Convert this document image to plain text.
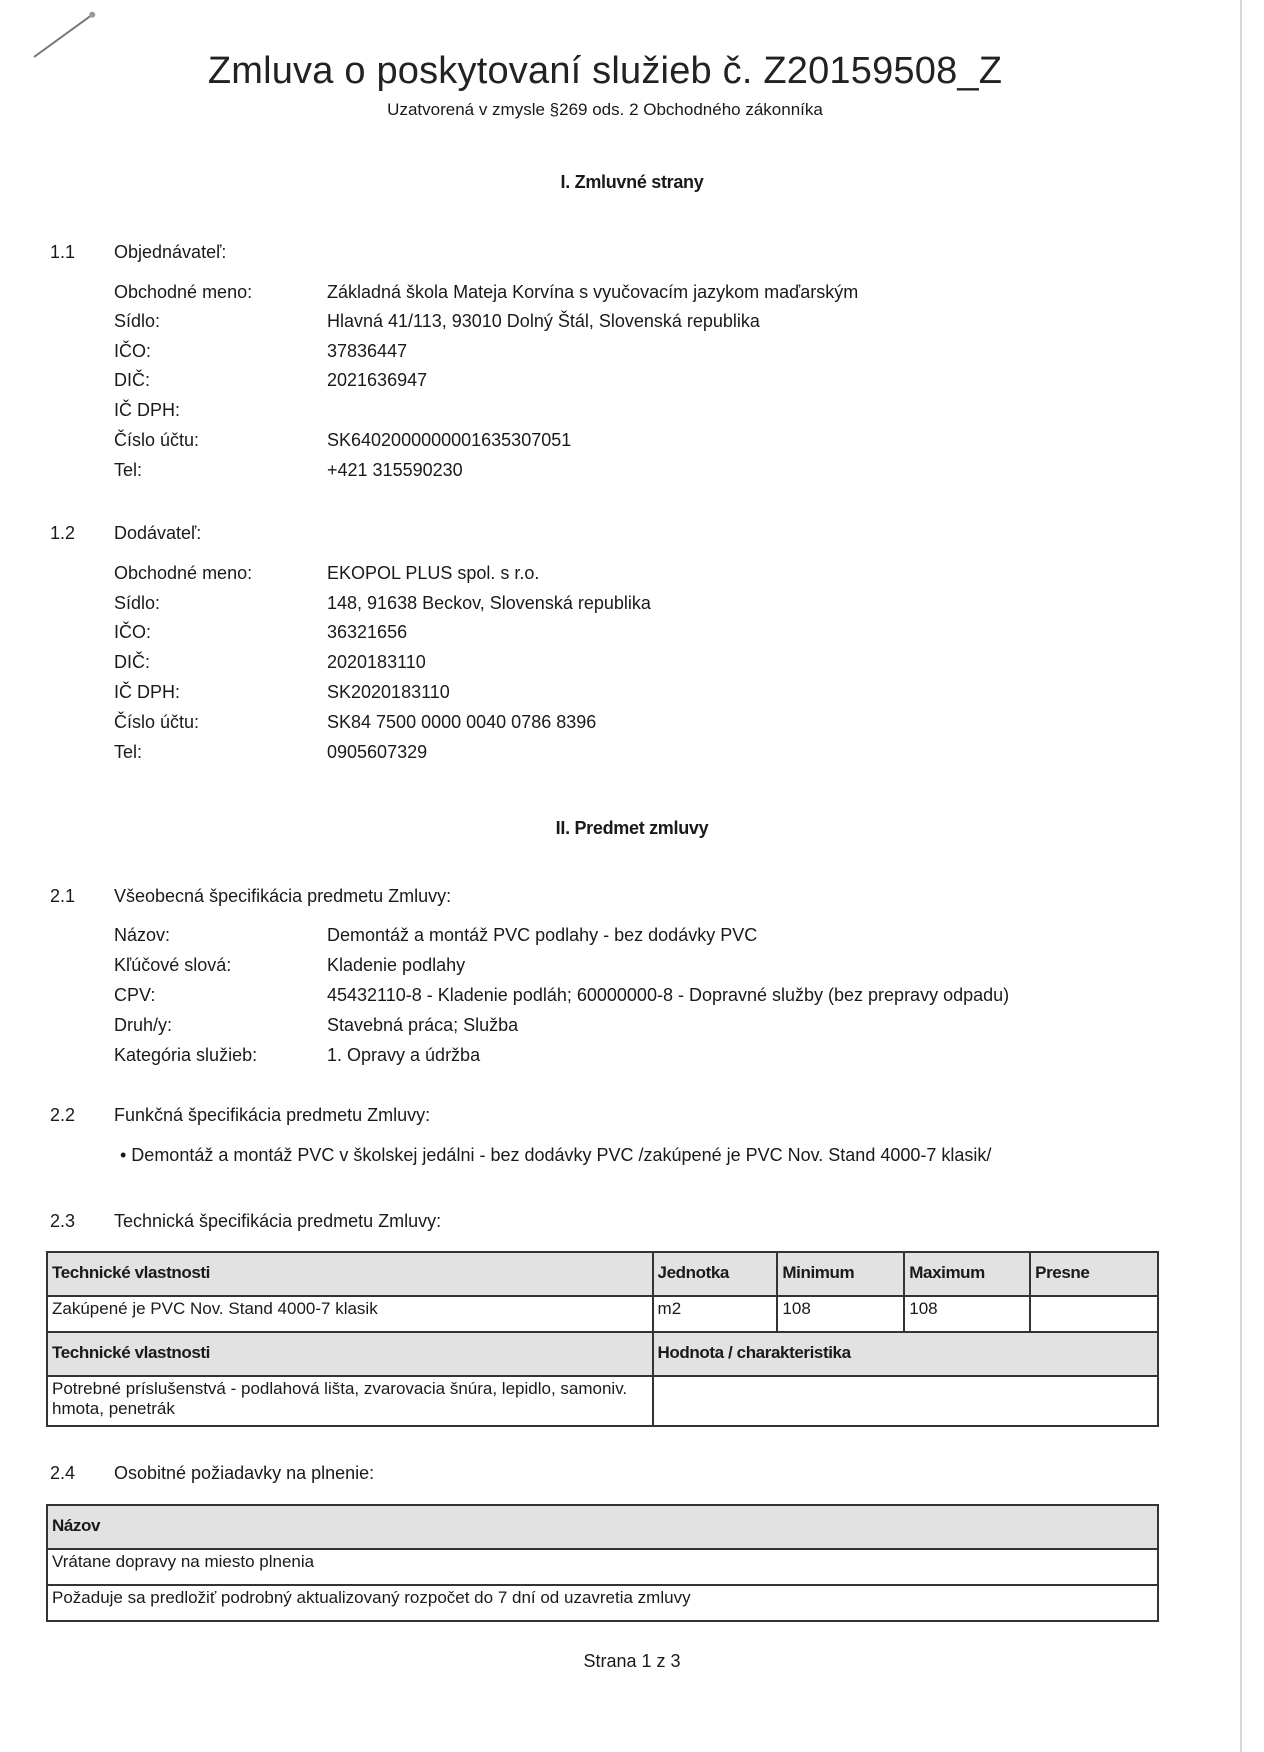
Zmluva o poskytovaní služieb č. Z20159508_Z
Uzatvorená v zmysle §269 ods. 2 Obchodného zákonníka
I. Zmluvné strany
1.1 Objednávateľ:
Obchodné meno:	Základná škola Mateja Korvína s vyučovacím jazykom maďarským
Sídlo:	Hlavná 41/113, 93010 Dolný Štál, Slovenská republika
IČO:	37836447
DIČ:	2021636947
IČ DPH:
Číslo účtu:	SK6402000000001635307051
Tel:	+421 315590230
1.2 Dodávateľ:
Obchodné meno:	EKOPOL PLUS spol. s r.o.
Sídlo:	148, 91638 Beckov, Slovenská republika
IČO:	36321656
DIČ:	2020183110
IČ DPH:	SK2020183110
Číslo účtu:	SK84 7500 0000 0040 0786 8396
Tel:	0905607329
II. Predmet zmluvy
2.1 Všeobecná špecifikácia predmetu Zmluvy:
Názov:	Demontáž a montáž PVC podlahy - bez dodávky PVC
Kľúčové slová:	Kladenie podlahy
CPV:	45432110-8 - Kladenie podláh; 60000000-8 - Dopravné služby (bez prepravy odpadu)
Druh/y:	Stavebná práca; Služba
Kategória služieb:	1. Opravy a údržba
2.2 Funkčná špecifikácia predmetu Zmluvy:
• Demontáž a montáž PVC v školskej jedálni - bez dodávky PVC /zakúpené je PVC Nov. Stand 4000-7 klasik/
2.3 Technická špecifikácia predmetu Zmluvy:
Technické vlastnosti	Jednotka	Minimum	Maximum	Presne
Zakúpené je PVC Nov. Stand 4000-7 klasik	m2	108	108	
Technické vlastnosti	Hodnota / charakteristika			
Potrebné príslušenstvá - podlahová lišta, zvarovacia šnúra, lepidlo, samoniv. hmota, penetrák				
2.4 Osobitné požiadavky na plnenie:
Názov
Vrátane dopravy na miesto plnenia
Požaduje sa predložiť podrobný aktualizovaný rozpočet do 7 dní od uzavretia zmluvy
Strana 1 z 3
